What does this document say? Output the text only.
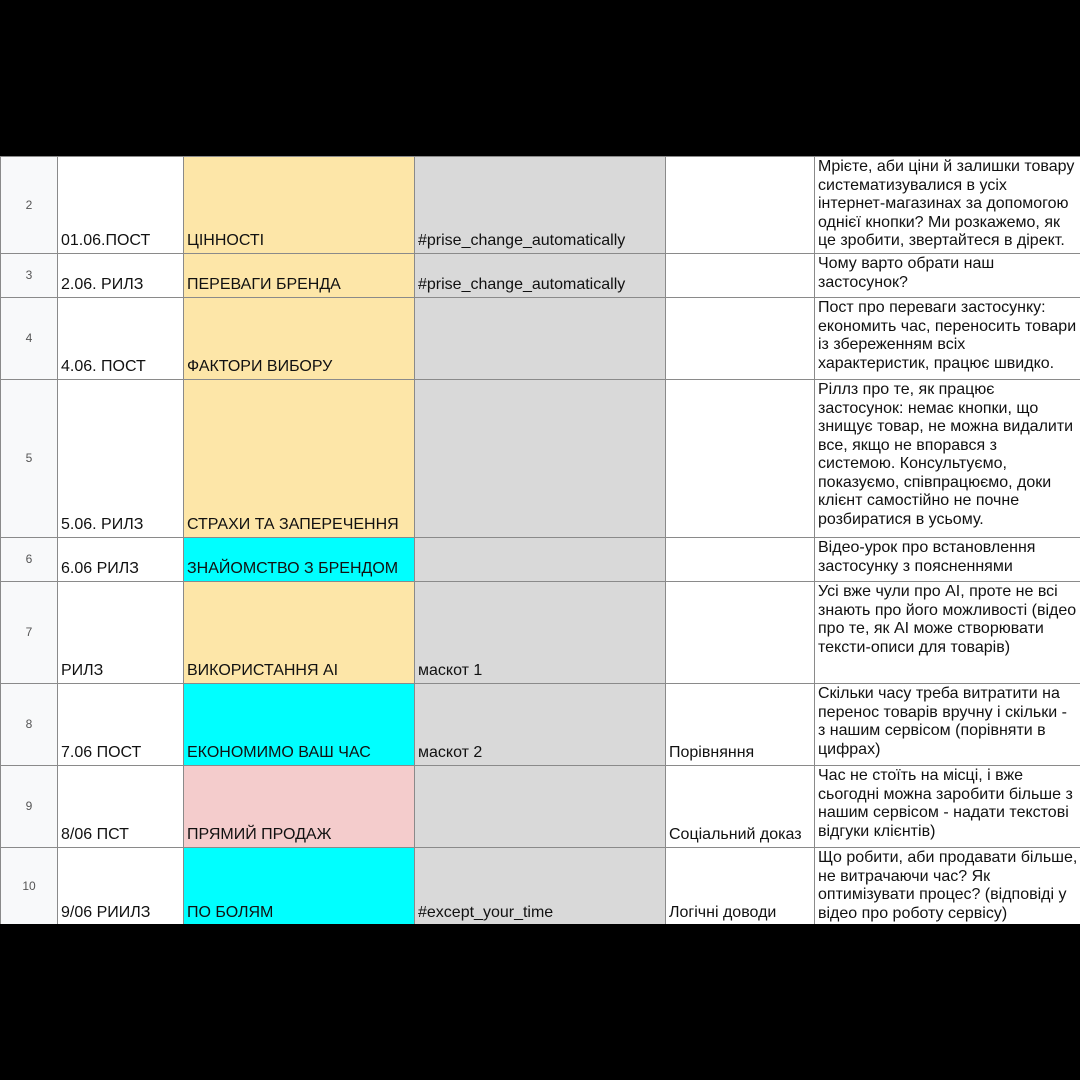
2	01.06.ПОСТ	ЦІННОСТІ	#prise_change_automatically		Мрієте, аби ціни й залишки товару систематизувалися в усіх інтернет-магазинах за допомогою однієї кнопки? Ми розкажемо, як це зробити, звертайтеся в дірект.
3	2.06. РИЛЗ	ПЕРЕВАГИ БРЕНДА	#prise_change_automatically		Чому варто обрати наш застосунок?
4	4.06. ПОСТ	ФАКТОРИ ВИБОРУ			Пост про переваги застосунку: економить час, переносить товари із збереженням всіх характеристик, працює швидко.
5	5.06. РИЛЗ	СТРАХИ ТА ЗАПЕРЕЧЕННЯ			Ріллз про те, як працює застосунок: немає кнопки, що знищує товар, не можна видалити все, якщо не впорався з системою. Консультуємо, показуємо, співпрацюємо, доки клієнт самостійно не почне розбиратися в усьому.
6	6.06 РИЛЗ	ЗНАЙОМСТВО З БРЕНДОМ			Відео-урок про встановлення застосунку з поясненнями
7	РИЛЗ	ВИКОРИСТАННЯ AI	маскот 1		Усі вже чули про AI, проте не всі знають про його можливості (відео про те, як AI може створювати тексти-описи для товарів)
8	7.06 ПОСТ	ЕКОНОМИМО ВАШ ЧАС	маскот 2	Порівняння	Скільки часу треба витратити на перенос товарів вручну і скільки - з нашим сервісом (порівняти в цифрах)
9	8/06 ПСТ	ПРЯМИЙ ПРОДАЖ		Соціальний доказ	Час не стоїть на місці, і вже сьогодні можна заробити більше з нашим сервісом - надати текстові відгуки клієнтів)
10	9/06 РИИЛЗ	ПО БОЛЯМ	#except_your_time	Логічні доводи	Що робити, аби продавати більше, не витрачаючи час? Як оптимізувати процес? (відповіді у відео про роботу сервісу)
